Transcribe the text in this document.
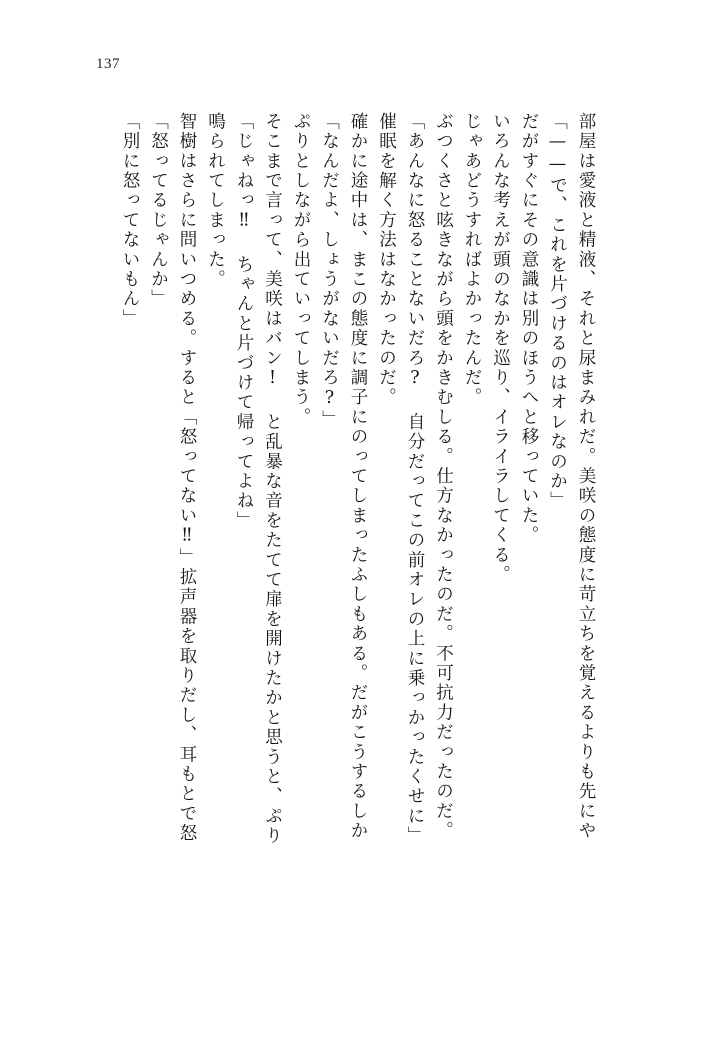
137
「別に怒ってないもん」 「怒ってるじゃんか」 智樹はさらに問いつめる。すると「怒ってない‼」拡声器を取りだし、耳もとで怒 鳴られてしまった。 「じゃねっ‼ ちゃんと片づけて帰ってよね」 そこまで言って、美咲はバン! と乱暴な音をたてて扉を開けたかと思うと、ぷり ぷりとしながら出ていってしまう。 「なんだよ、しょうがないだろ?」 確かに途中は、まこの態度に調子にのってしまったふしもある。だがこうするしか 催眠を解く方法はなかったのだ。 「あんなに怒ることないだろ? 自分だってこの前オレの上に乗っかったくせに」 ぶつくさと呟きながら頭をかきむしる。仕方なかったのだ。不可抗力だったのだ。 じゃあどうすればよかったんだ。 いろんな考えが頭のなかを巡り、イライラしてくる。 だがすぐにその意識は別のほうへと移っていた。 「——で、これを片づけるのはオレなのか」 部屋は愛液と精液、それと尿まみれだ。美咲の態度に苛立ちを覚えるよりも先にや
